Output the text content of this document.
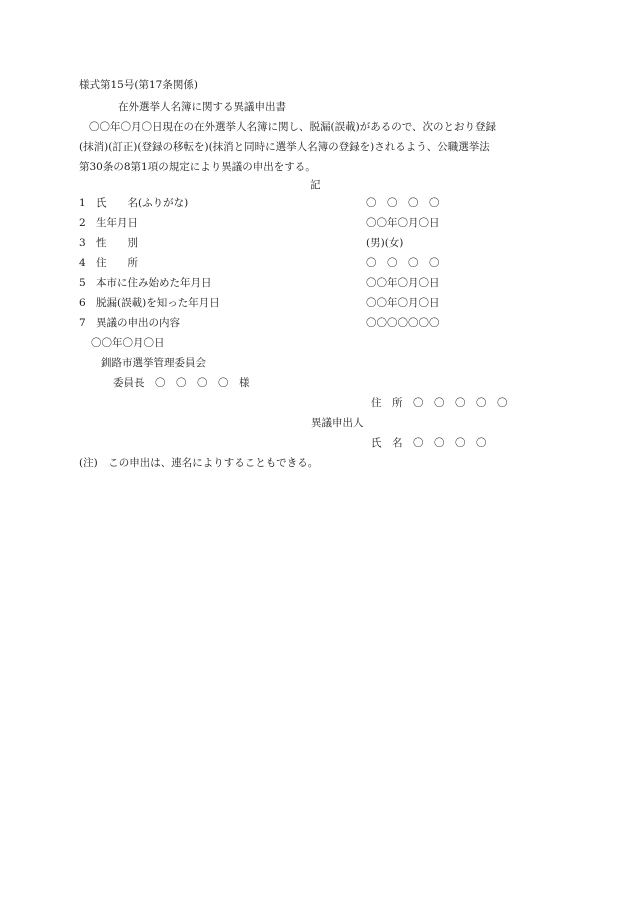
様式第15号(第17条関係)
在外選挙人名簿に関する異議申出書
〇〇年〇月〇日現在の在外選挙人名簿に関し、脱漏(誤載)があるので、次のとおり登録
(抹消)(訂正)(登録の移転を)(抹消と同時に選挙人名簿の登録を)されるよう、公職選挙法
第30条の8第1項の規定により異議の申出をする。
記
1 氏　　名(ふりがな)	〇　〇　〇　〇
2 生年月日	〇〇年〇月〇日
3 性　　別	(男)(女)
4 住　　所	〇　〇　〇　〇
5 本市に住み始めた年月日	〇〇年〇月〇日
6 脱漏(誤載)を知った年月日	〇〇年〇月〇日
7 異議の申出の内容	〇〇〇〇〇〇〇
〇〇年〇月〇日
釧路市選挙管理委員会
委員長　〇　〇　〇　〇　様
住　所　 〇　〇　〇　〇　〇
異議申出人
氏　名　 〇　〇　〇　〇
(注)　この申出は、連名によりすることもできる。
